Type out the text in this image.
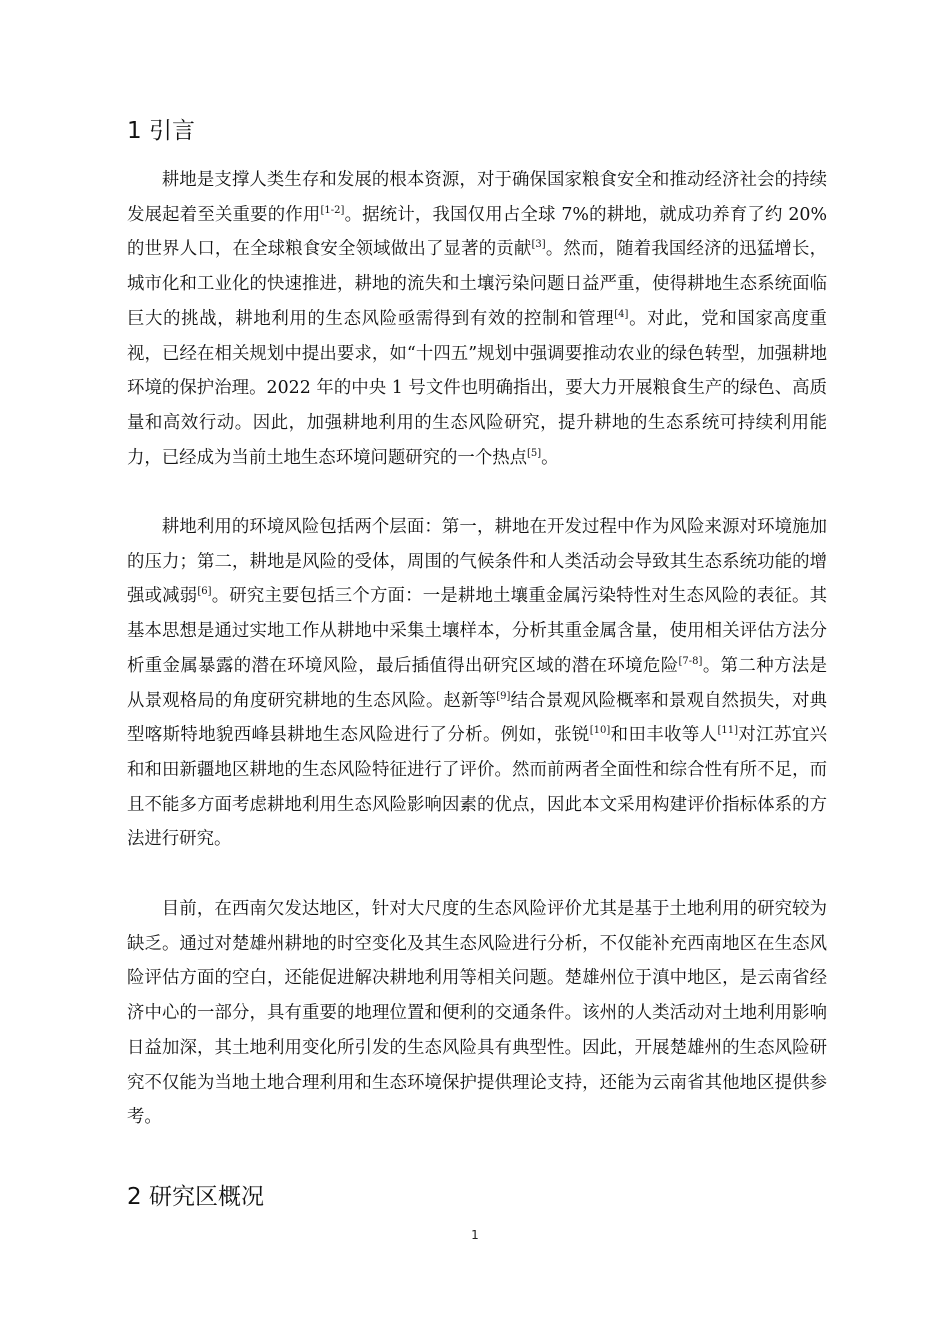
1 引言

耕地是支撑人类生存和发展的根本资源，对于确保国家粮食安全和推动经济社会的持续发展起着至关重要的作用[1-2]。据统计，我国仅用占全球 7%的耕地，就成功养育了约 20%的世界人口，在全球粮食安全领域做出了显著的贡献[3]。然而，随着我国经济的迅猛增长，城市化和工业化的快速推进，耕地的流失和土壤污染问题日益严重，使得耕地生态系统面临巨大的挑战，耕地利用的生态风险亟需得到有效的控制和管理[4]。对此，党和国家高度重视，已经在相关规划中提出要求，如“十四五”规划中强调要推动农业的绿色转型，加强耕地环境的保护治理。2022 年的中央 1 号文件也明确指出，要大力开展粮食生产的绿色、高质量和高效行动。因此，加强耕地利用的生态风险研究，提升耕地的生态系统可持续利用能力，已经成为当前土地生态环境问题研究的一个热点[5]。

耕地利用的环境风险包括两个层面：第一，耕地在开发过程中作为风险来源对环境施加的压力；第二，耕地是风险的受体，周围的气候条件和人类活动会导致其生态系统功能的增强或减弱[6]。研究主要包括三个方面：一是耕地土壤重金属污染特性对生态风险的表征。其基本思想是通过实地工作从耕地中采集土壤样本，分析其重金属含量，使用相关评估方法分析重金属暴露的潜在环境风险，最后插值得出研究区域的潜在环境危险[7-8]。第二种方法是从景观格局的角度研究耕地的生态风险。赵新等[9]结合景观风险概率和景观自然损失，对典型喀斯特地貌西峰县耕地生态风险进行了分析。例如，张锐[10]和田丰收等人[11]对江苏宜兴和和田新疆地区耕地的生态风险特征进行了评价。然而前两者全面性和综合性有所不足，而且不能多方面考虑耕地利用生态风险影响因素的优点，因此本文采用构建评价指标体系的方法进行研究。

目前，在西南欠发达地区，针对大尺度的生态风险评价尤其是基于土地利用的研究较为缺乏。通过对楚雄州耕地的时空变化及其生态风险进行分析，不仅能补充西南地区在生态风险评估方面的空白，还能促进解决耕地利用等相关问题。楚雄州位于滇中地区，是云南省经济中心的一部分，具有重要的地理位置和便利的交通条件。该州的人类活动对土地利用影响日益加深，其土地利用变化所引发的生态风险具有典型性。因此，开展楚雄州的生态风险研究不仅能为当地土地合理利用和生态环境保护提供理论支持，还能为云南省其他地区提供参考。

2 研究区概况
1
